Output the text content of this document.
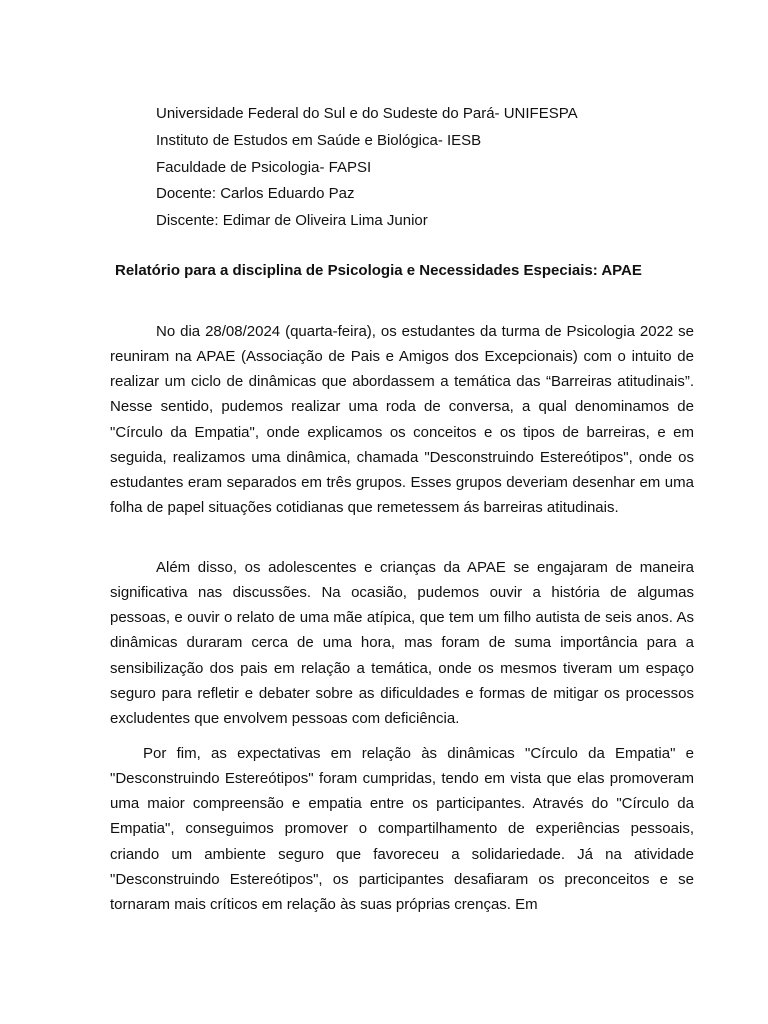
Universidade Federal do Sul e do Sudeste do Pará- UNIFESPA
Instituto de Estudos em Saúde e Biológica- IESB
Faculdade de Psicologia- FAPSI
Docente: Carlos Eduardo Paz
Discente: Edimar de Oliveira Lima Junior
Relatório para a disciplina de Psicologia e Necessidades Especiais: APAE

No dia 28/08/2024 (quarta-feira), os estudantes da turma de Psicologia 2022 se reuniram na APAE (Associação de Pais e Amigos dos Excepcionais) com o intuito de realizar um ciclo de dinâmicas que abordassem a temática das “Barreiras atitudinais”. Nesse sentido, pudemos realizar uma roda de conversa, a qual denominamos de "Círculo da Empatia", onde explicamos os conceitos e os tipos de barreiras, e em seguida, realizamos uma dinâmica, chamada "Desconstruindo Estereótipos", onde os estudantes eram separados em três grupos. Esses grupos deveriam desenhar em uma folha de papel situações cotidianas que remetessem ás barreiras atitudinais.

Além disso, os adolescentes e crianças da APAE se engajaram de maneira significativa nas discussões. Na ocasião, pudemos ouvir a história de algumas pessoas, e ouvir o relato de uma mãe atípica, que tem um filho autista de seis anos. As dinâmicas duraram cerca de uma hora, mas foram de suma importância para a sensibilização dos pais em relação a temática, onde os mesmos tiveram um espaço seguro para refletir e debater sobre as dificuldades e formas de mitigar os processos excludentes que envolvem pessoas com deficiência.

Por fim, as expectativas em relação às dinâmicas "Círculo da Empatia" e "Desconstruindo Estereótipos" foram cumpridas, tendo em vista que elas promoveram uma maior compreensão e empatia entre os participantes. Através do "Círculo da Empatia", conseguimos promover o compartilhamento de experiências pessoais, criando um ambiente seguro que favoreceu a solidariedade. Já na atividade "Desconstruindo Estereótipos", os participantes desafiaram os preconceitos e se tornaram mais críticos em relação às suas próprias crenças. Em
